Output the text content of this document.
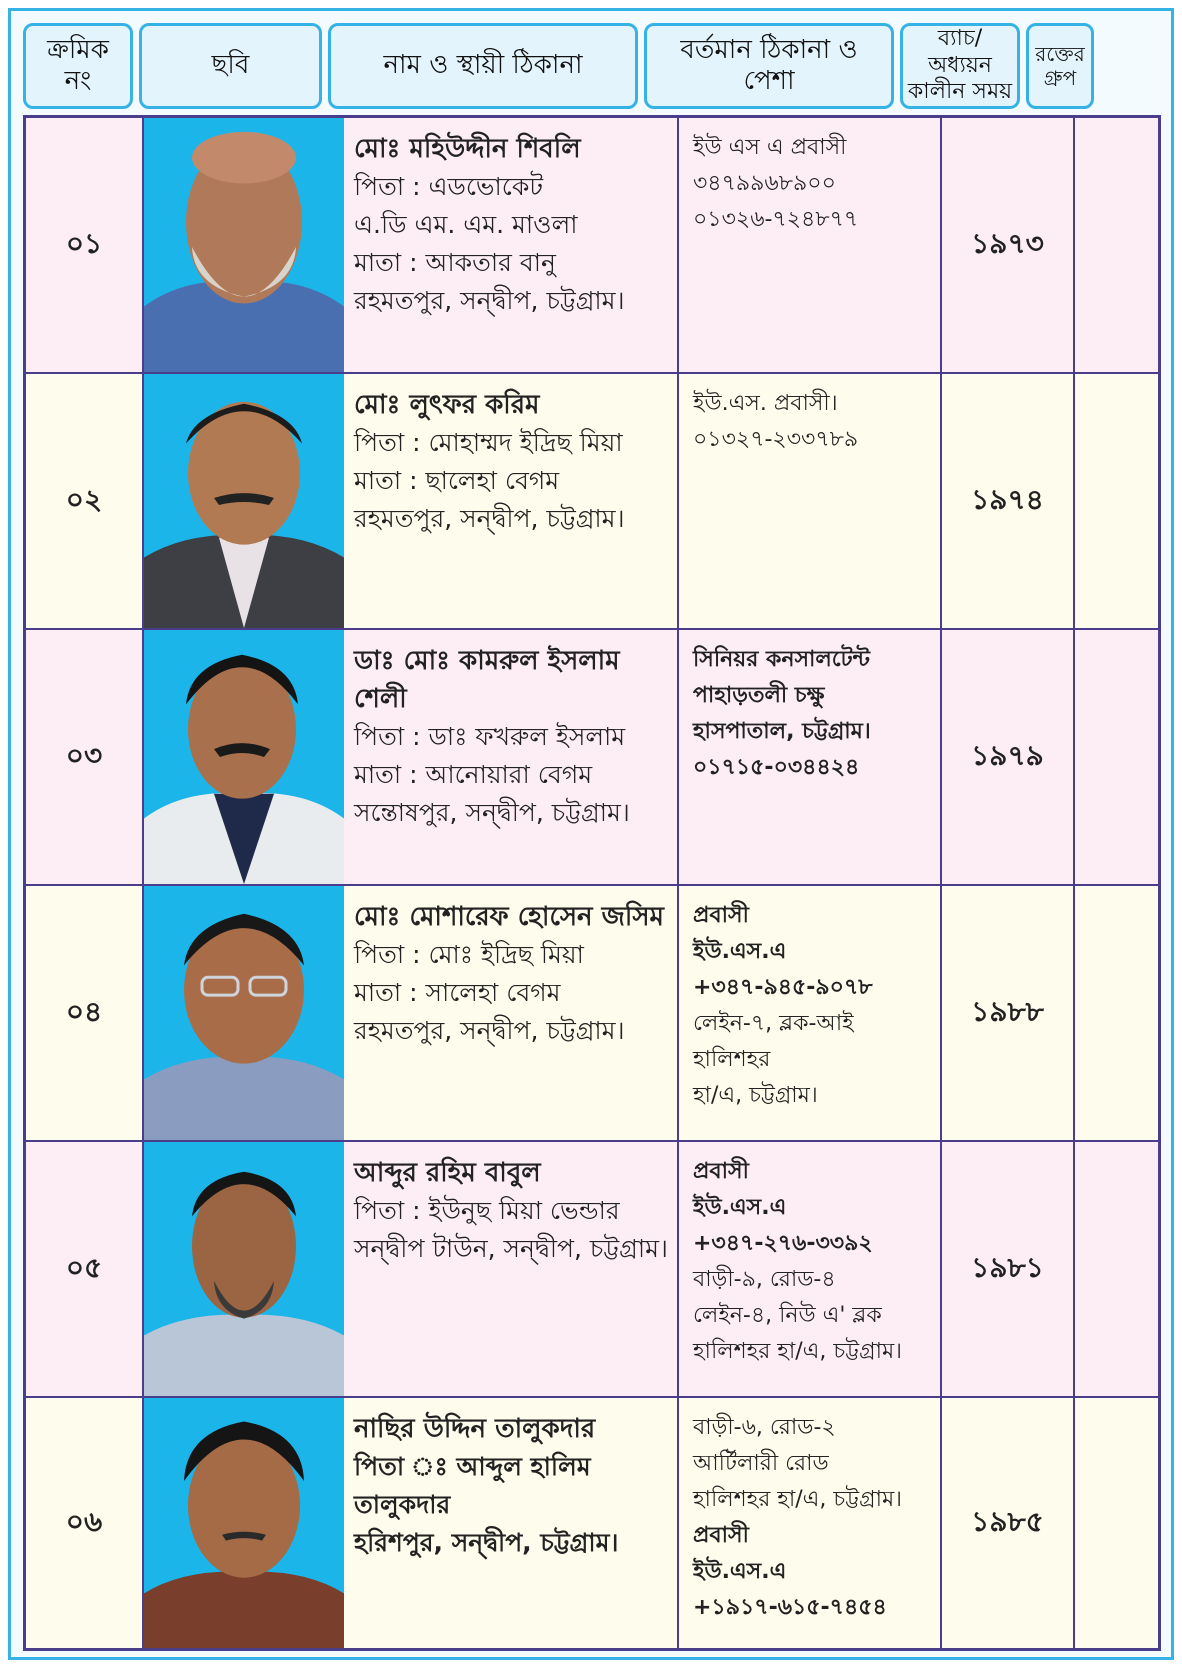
ক্রমিক নং
ছবি	নাম ও স্থায়ী ঠিকানা
বর্তমান ঠিকানা ও পেশা
ব্যাচ/ অধ্যয়ন কালীন সময়
রক্তের গ্রুপ
০১
মোঃ মহিউদ্দীন শিবলি
পিতা : এডভোকেট
এ.ডি এম. এম. মাওলা
মাতা : আকতার বানু
রহমতপুর, সন্দ্বীপ, চট্টগ্রাম।
ইউ এস এ প্রবাসী
৩৪৭৯৯৬৮৯০০
০১৩২৬-৭২৪৮৭৭
১৯৭৩
০২
মোঃ লুৎফর করিম
পিতা : মোহাম্মদ ইদ্রিছ মিয়া
মাতা : ছালেহা বেগম
রহমতপুর, সন্দ্বীপ, চট্টগ্রাম।
ইউ.এস. প্রবাসী।
০১৩২৭-২৩৩৭৮৯
১৯৭৪
০৩
ডাঃ মোঃ কামরুল ইসলাম শেলী
পিতা : ডাঃ ফখরুল ইসলাম
মাতা : আনোয়ারা বেগম
সন্তোষপুর, সন্দ্বীপ, চট্টগ্রাম।
সিনিয়র কনসালটেন্ট
পাহাড়তলী চক্ষু
হাসপাতাল, চট্টগ্রাম।
০১৭১৫-০৩৪৪২৪	১৯৭৯
০৪
মোঃ মোশারেফ হোসেন জসিম
পিতা : মোঃ ইদ্রিছ মিয়া
মাতা : সালেহা বেগম
রহমতপুর, সন্দ্বীপ, চট্টগ্রাম।
প্রবাসী
ইউ.এস.এ
+৩৪৭-৯৪৫-৯০৭৮
লেইন-৭, ব্লক-আই
হালিশহর
হা/এ, চট্টগ্রাম।
১৯৮৮
০৫
আব্দুর রহিম বাবুল
পিতা : ইউনুছ মিয়া ভেন্ডার
সন্দ্বীপ টাউন, সন্দ্বীপ, চট্টগ্রাম।
প্রবাসী
ইউ.এস.এ
+৩৪৭-২৭৬-৩৩৯২
বাড়ী-৯, রোড-৪
লেইন-৪, নিউ এ' ব্লক
হালিশহর হা/এ, চট্টগ্রাম।
১৯৮১
০৬
নাছির উদ্দিন তালুকদার
পিতা ঃ আব্দুল হালিম তালুকদার
হরিশপুর, সন্দ্বীপ, চট্টগ্রাম।
বাড়ী-৬, রোড-২
আর্টিলারী রোড
হালিশহর হা/এ, চট্টগ্রাম।
প্রবাসী
ইউ.এস.এ
+১৯১৭-৬১৫-৭৪৫৪
১৯৮৫
